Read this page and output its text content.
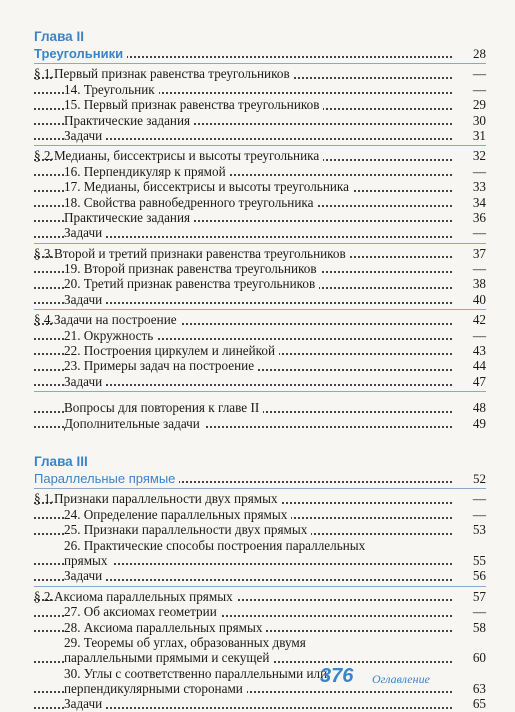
Глава II
Треугольники	28
§ 1. Первый признак равенства треугольников	—
14. Треугольник	—
15. Первый признак равенства треугольников	29
Практические задания	30
Задачи	31
§ 2. Медианы, биссектрисы и высоты треугольника	32
16. Перпендикуляр к прямой	—
17. Медианы, биссектрисы и высоты треугольника	33
18. Свойства равнобедренного треугольника	34
Практические задания	36
Задачи	—
§ 3. Второй и третий признаки равенства треугольников	37
19. Второй признак равенства треугольников	—
20. Третий признак равенства треугольников	38
Задачи	40
§ 4. Задачи на построение	42
21. Окружность	—
22. Построения циркулем и линейкой	43
23. Примеры задач на построение	44
Задачи	47
Вопросы для повторения к главе II	48
Дополнительные задачи	49
Глава III
Параллельные прямые	52
§ 1. Признаки параллельности двух прямых	—
24. Определение параллельных прямых	—
25. Признаки параллельности двух прямых	53
26. Практические способы построения параллельных
прямых	55
Задачи	56
§ 2. Аксиома параллельных прямых	57
27. Об аксиомах геометрии	—
28. Аксиома параллельных прямых	58
29. Теоремы об углах, образованных двумя
параллельными прямыми и секущей	60
30. Углы с соответственно параллельными или
перпендикулярными сторонами	63
Задачи	65
376 Оглавление
